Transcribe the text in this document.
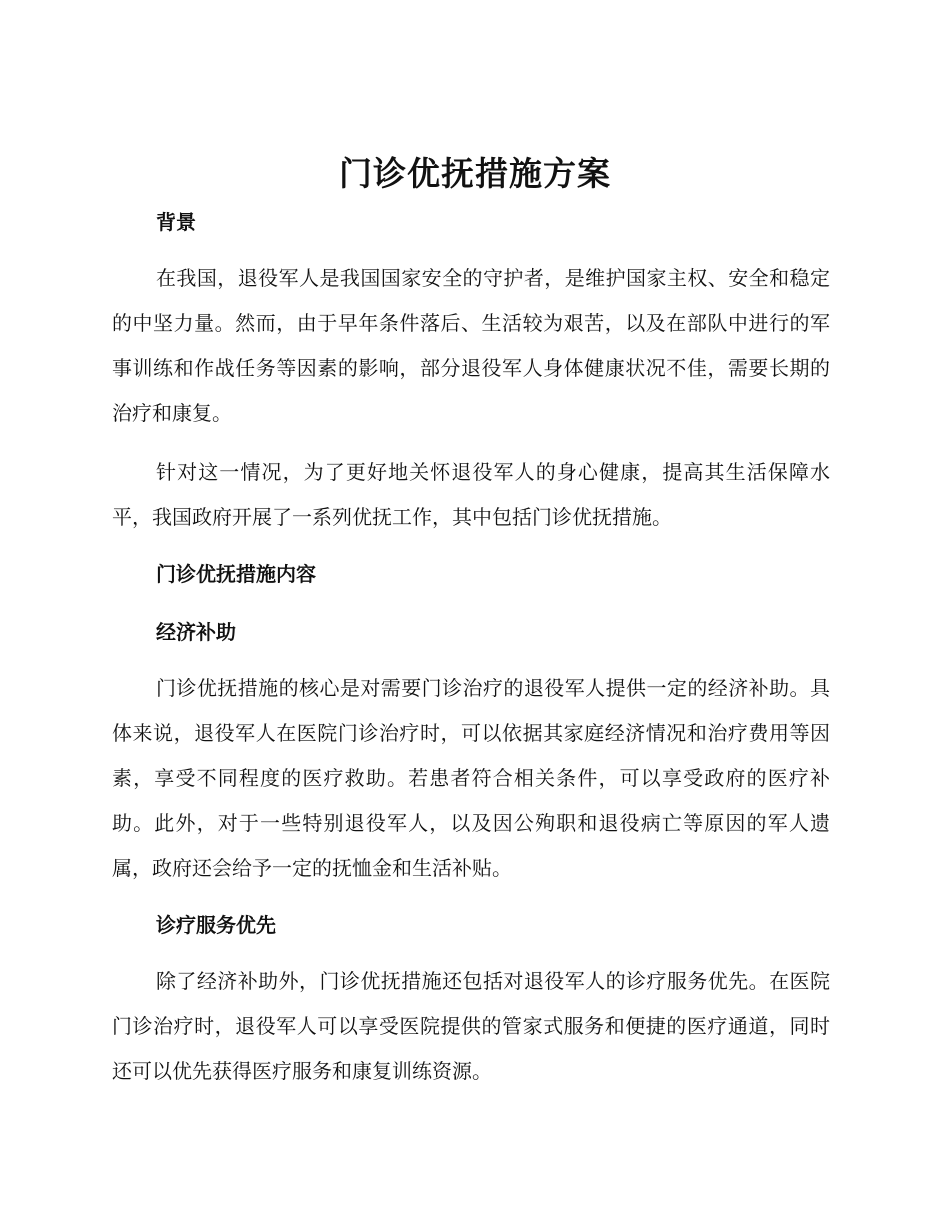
门诊优抚措施方案
背景

在我国，退役军人是我国国家安全的守护者，是维护国家主权、安全和稳定的中坚力量。然而，由于早年条件落后、生活较为艰苦，以及在部队中进行的军事训练和作战任务等因素的影响，部分退役军人身体健康状况不佳，需要长期的治疗和康复。

针对这一情况，为了更好地关怀退役军人的身心健康，提高其生活保障水平，我国政府开展了一系列优抚工作，其中包括门诊优抚措施。

门诊优抚措施内容
经济补助

门诊优抚措施的核心是对需要门诊治疗的退役军人提供一定的经济补助。具体来说，退役军人在医院门诊治疗时，可以依据其家庭经济情况和治疗费用等因素，享受不同程度的医疗救助。若患者符合相关条件，可以享受政府的医疗补助。此外，对于一些特别退役军人，以及因公殉职和退役病亡等原因的军人遗属，政府还会给予一定的抚恤金和生活补贴。

诊疗服务优先

除了经济补助外，门诊优抚措施还包括对退役军人的诊疗服务优先。在医院门诊治疗时，退役军人可以享受医院提供的管家式服务和便捷的医疗通道，同时还可以优先获得医疗服务和康复训练资源。
